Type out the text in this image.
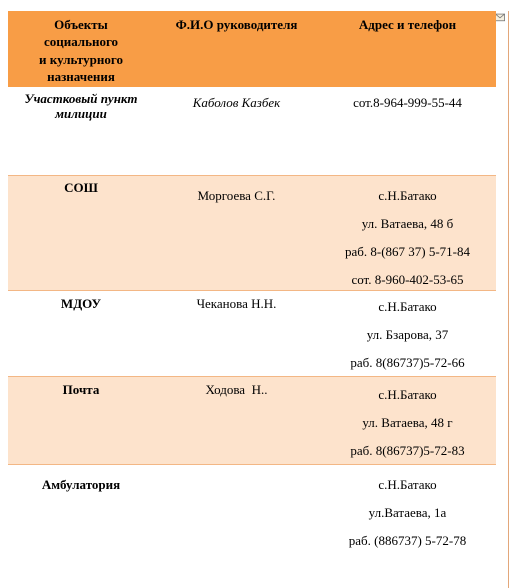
Объекты
социального
и культурного
назначения	Ф.И.О руководителя	Адрес и телефон

Участковый пункт милиции	Каболов Казбек	сот.8-964-999-55-44

СОШ	Моргоева С.Г.	с.Н.Батако
ул. Ватаева, 48 б
раб. 8-(867 37) 5-71-84
сот. 8-960-402-53-65

МДОУ	Чеканова Н.Н.	с.Н.Батако
ул. Бзарова, 37
раб. 8(86737)5-72-66

Почта	Ходова  Н..	с.Н.Батако
ул. Ватаева, 48 г
раб. 8(86737)5-72-83

Амбулатория		с.Н.Батако
ул.Ватаева, 1а
раб. (886737) 5-72-78
